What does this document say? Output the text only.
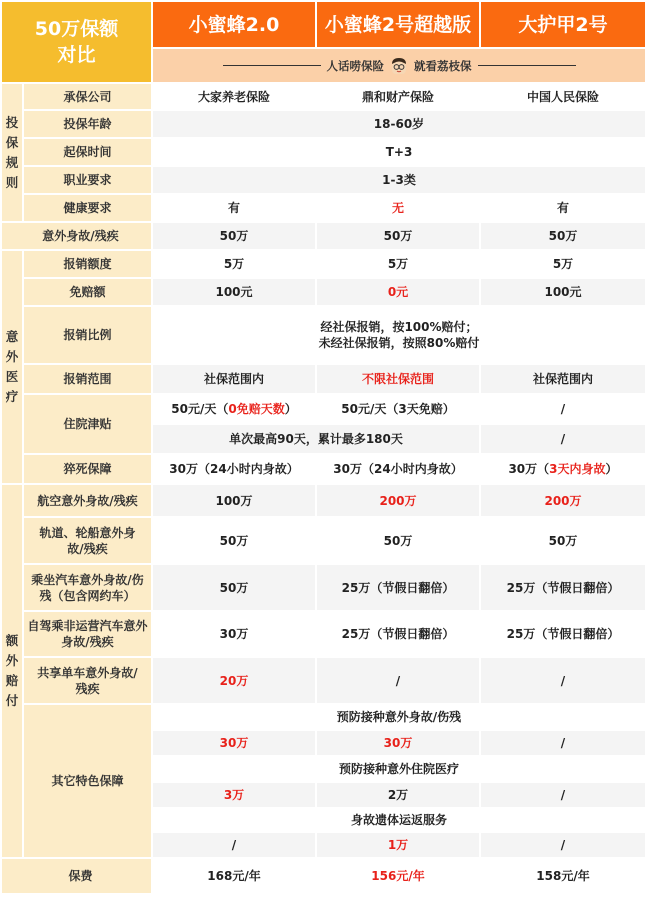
50万保额对比		小蜜蜂2.0	小蜜蜂2号超越版	大护甲2号

		人话唠保险 就看荔枝保		

投保规则	承保公司	大家养老保险	鼎和财产保险	中国人民保险
	投保年龄	18-60岁		
	起保时间	T+3		
	职业要求	1-3类		
	健康要求	有	无	有
意外身故/残疾		50万	50万	50万
意外医疗	报销额度	5万	5万	5万
	免赔额	100元	0元	100元
	报销比例	经社保报销，按100%赔付；
未经社保报销，按照80%赔付		

	报销范围	社保范围内	不限社保范围	社保范围内
	住院津贴	50元/天（0免赔天数）	50元/天（3天免赔）	/
		单次最高90天，累计最多180天		/
	猝死保障	30万（24小时内身故）	30万（24小时内身故）	30万（3天内身故）
额外赔付	航空意外身故/残疾	100万	200万	200万
	轨道、轮船意外身故/残疾	50万	50万	50万
	乘坐汽车意外身故/伤残（包含网约车）	50万	25万（节假日翻倍）	25万（节假日翻倍）
	自驾乘非运营汽车意外身故/残疾	30万	25万（节假日翻倍）	25万（节假日翻倍）
	共享单车意外身故/残疾	20万	/	/
	其它特色保障	预防接种意外身故/伤残		
		30万	30万	/
		预防接种意外住院医疗		
		3万	2万	/
		身故遗体运返服务		
		/	1万	/
保费		168元/年	156元/年	158元/年
